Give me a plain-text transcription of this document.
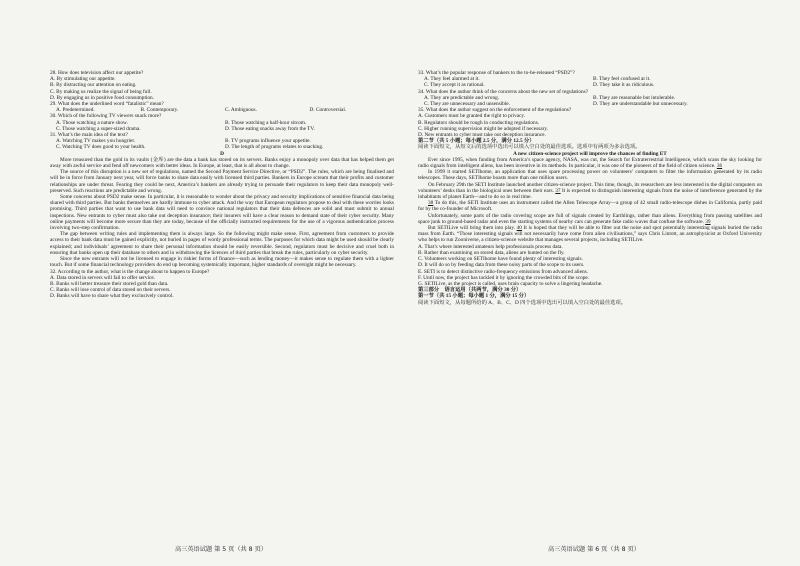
28. How does television affect our appetite?

A. By stimulating our appetite.

B. By distracting our attention on eating.

C. By making us realize the signal of being full.

D. By engaging us in positive food consumption.

29. What does the underlined word “fatalistic” mean?

A. Predetermined.	B. Contemporary.	C. Ambiguous.	D. Controversial.

30. Which of the following TV viewers snack more?

A. Those watching a nature show.	B. Those watching a half-hour sitcom.
C. Those watching a super-sized drama.	D. Those eating snacks away from the TV.

31. What’s the main idea of the text?

A. Watching TV makes you hungrier.	B. TV programs influence your appetite.
C. Watching TV does good to your health.	D. The length of programs relates to snacking.

D

More treasured than the gold in its vaults (金库) are the data a bank has stored on its servers. Banks enjoy a monopoly over data that has helped them get away with awful service and fend off newcomers with better ideas. In Europe, at least, that is all about to change.

The source of this disruption is a new set of regulations, named the Second Payment Service Directive, or “PSD2”. The rules, which are being finalised and will be in force from January next year, will force banks to share data easily with licensed third parties. Bankers in Europe scream that their profits and customer relationships are under threat. Fearing they could be next, America’s bankers are already trying to persuade their regulators to keep their data monopoly well-preserved. Such reactions are predictable and wrong.

Some concerns about PSD2 make sense. In particular, it is reasonable to wonder about the privacy and security implications of sensitive financial data being shared with third parties. But banks themselves are hardly immune to cyber attack. And the way that European regulators propose to deal with these worries looks promising. Third parties that want to use bank data will need to convince national regulators that their data defences are solid and must submit to annual inspections. New entrants to cyber must also take out deception insurance; their insurers will have a clear reason to demand state of their cyber security. Many online payments will become more secure than they are today, because of the officially instructed requirements for the use of a vigorous authentication process involving two-step confirmation.

The gap between writing rules and implementing them is always large. So the following might make sense. First, agreement from customers to provide access to their bank data must be gained explicitly, not buried in pages of wordy professional terms. The purposes for which data might be used should be clearly explained; and individuals’ agreement to share their personal information should be easily reversible. Second, regulators must be decisive and cruel both in ensuring that banks open up their database to others and in withdrawing the licences of third parties that break the rules, particularly on cyber security.

Since the new entrants will not be licensed to engage in riskier forms of finance—such as lending money—it makes sense to regulate them with a lighter touch. But if some financial technology providers do end up becoming systemically important, higher standards of oversight might be necessary.

32. According to the author, what is the change about to happen to Europe?

A. Data stored in servers will fail to offer service.

B. Banks will better treasure their stored gold than data.

C. Banks will lose control of data stored on their servers.

D. Banks will have to share what they exclusively control.

33. What’s the popular response of bankers to the to-be-released “PSD2”?

A. They feel alarmed at it.	B. They feel confused at it.
C. They accept it as rational.	D. They take it as ridiculous.

34. What does the author think of the concerns about the new set of regulations?

A. They are predictable and wrong.	B. They are reasonable but intolerable.
C. They are unnecessary and unsensible.	D. They are understandable but unnecessary.

35. What does the author suggest on the enforcement of the regulations?

A. Customers must be granted the right to privacy.

B. Regulators should be rough in conducting regulations.

C. Higher running supervision might be adopted if necessary.

D. New entrants to cyber must take out deception insurance.

第二节（共 5 小题；每小题 2.5 分，满分 12.5 分）

阅读下面短文，从短文后的选项中选出可以填入空白处的最佳选项。选项中有两项为多余选项。

A new citizen-science project will improve the chances of finding ET

Ever since 1995, when funding from America’s space agency, NASA, was cut, the Search for Extraterrestrial Intelligence, which scans the sky looking for radio signals from intelligent aliens, has been inventive in its methods. In particular, it was one of the pioneers of the field of citizen science. 36

In 1999 it started SETIhome, an application that uses spare processing power on volunteers’ computers to filter the information generated by its radio telescopes. These days, SETIhome boasts more than one million users.

On February 29th the SETI Institute launched another citizen-science project. This time, though, its researchers are less interested in the digital computers on volunteers’ desks than in the biological ones between their ears. 37 It is expected to distinguish interesting signals from the noise of interference generated by the inhabitants of planet Earth—and to do so in real time.

38 To do this, the SETI Institute uses an instrument called the Allen Telescope Array—a group of 42 small radio-telescope dishes in California, partly paid for by the co-founder of Microsoft.

Unfortunately, some parts of the radio covering scope are full of signals created by Earthlings, rather than aliens. Everything from passing satellites and space junk to ground-based radar and even the starting systems of nearby cars can generate fake radio waves that confuse the software. 39

But SETILive will bring them into play. 40 It is hoped that they will be able to filter out the noise and spot potentially interesting signals buried the radio mass from Earth. “Those interesting signals will not necessarily have come from alien civilisations,” says Chris Lintott, an astrophysicist at Oxford University who helps to run Zooniverse, a citizen-science website that manages several projects, including SETILive.

A. That’s where interested amateurs help professionals process data.

B. Rather than examining on stored data, aliens are hunted on the fly.

C. Volunteers working on SETIhome have found plenty of interesting signals.

D. It will do so by feeding data from these noisy parts of the scope to its users.

E. SETI is to detect distinctive radio-frequency emissions from advanced aliens.

F. Until now, the project has tackled it by ignoring the crowded bits of the scope.

G. SETILive, as the project is called, uses brain capacity to solve a lingering headache.

第三部分　语言运用（共两节，满分 30 分）

第一节（共 15 小题；每小题 1 分，满分 15 分）

阅读下面短文，从每题所给的 A、B、C、D 四个选项中选出可以填入空白处的最佳选项。

高三英语试题 第 5 页（共 8 页）	高三英语试题 第 6 页（共 8 页）
